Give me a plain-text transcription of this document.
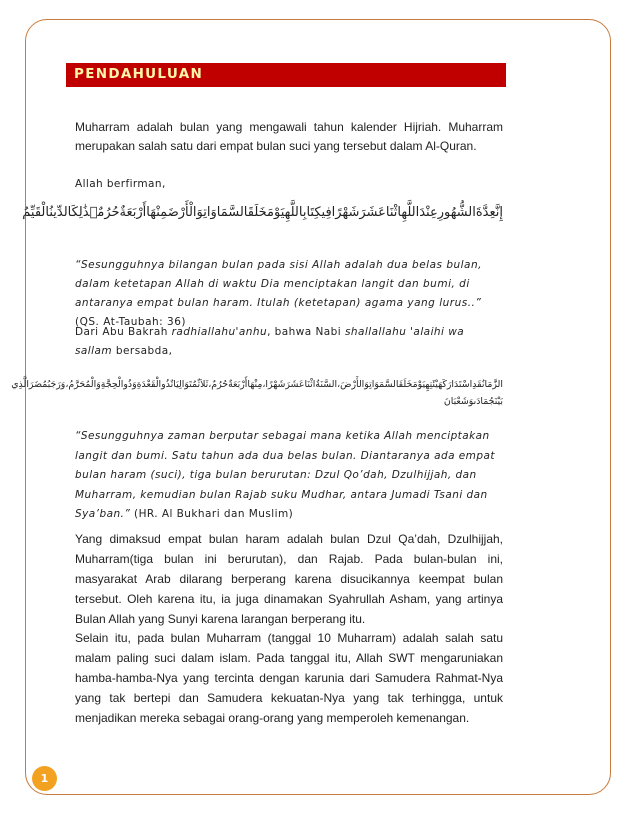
PENDAHULUAN
Muharram adalah bulan yang mengawali tahun kalender Hijriah. Muharram merupakan salah satu dari empat bulan suci yang tersebut dalam Al-Quran.
Allah berfirman,
إِنَّعِدَّةَالشُّهُورِعِنْدَاللَّهِاثْنَاعَشَرَشَهْرًافِيكِتَابِاللَّهِيَوْمَخَلَقَالسَّمَاوَاتِوَالْأَرْضَمِنْهَاأَرْبَعَةٌحُرُمٌۚذَٰلِكَالدِّينُالْقَيِّمُ
“Sesungguhnya bilangan bulan pada sisi Allah adalah dua belas bulan, dalam ketetapan Allah di waktu Dia menciptakan langit dan bumi, di antaranya empat bulan haram. Itulah (ketetapan) agama yang lurus..” (QS. At-Taubah: 36)
Dari Abu Bakrah radhiallahu'anhu, bahwa Nabi shallallahu 'alaihi wa sallam bersabda,
الزَّمَانُقَدِاسْتَدَارَكَهَيْئَتِهِيَوْمَخَلَقَالسَّمَوَاتِوَالأَرْضَ،السَّنَةُاثْنَاعَشَرَشَهْرًا،مِنْهَاأَرْبَعَةٌحُرُمٌ،ثَلاَثٌمُتَوَالِيَاتٌذُوالْقَعْدَةِوَذُوالْحِجَّةِوَالْمُحَرَّمُ،وَرَجَبُمُضَرَالَّذِي بَيْنَجُمَادَىوَشَعْبَانَ
“Sesungguhnya zaman berputar sebagai mana ketika Allah menciptakan langit dan bumi. Satu tahun ada dua belas bulan. Diantaranya ada empat bulan haram (suci), tiga bulan berurutan: Dzul Qo’dah, Dzulhijjah, dan Muharram, kemudian bulan Rajab suku Mudhar, antara Jumadi Tsani dan Sya’ban.” (HR. Al Bukhari dan Muslim)
Yang dimaksud empat bulan haram adalah bulan Dzul Qa’dah, Dzulhijjah, Muharram(tiga bulan ini berurutan), dan Rajab. Pada bulan-bulan ini, masyarakat Arab dilarang berperang karena disucikannya keempat bulan tersebut. Oleh karena itu, ia juga dinamakan Syahrullah Asham, yang artinya Bulan Allah yang Sunyi karena larangan berperang itu.
Selain itu, pada bulan Muharram (tanggal 10 Muharram) adalah salah satu malam paling suci dalam islam. Pada tanggal itu, Allah SWT mengaruniakan hamba-hamba-Nya yang tercinta dengan karunia dari Samudera Rahmat-Nya yang tak bertepi dan Samudera kekuatan-Nya yang tak terhingga, untuk menjadikan mereka sebagai orang-orang yang memperoleh kemenangan.
1
